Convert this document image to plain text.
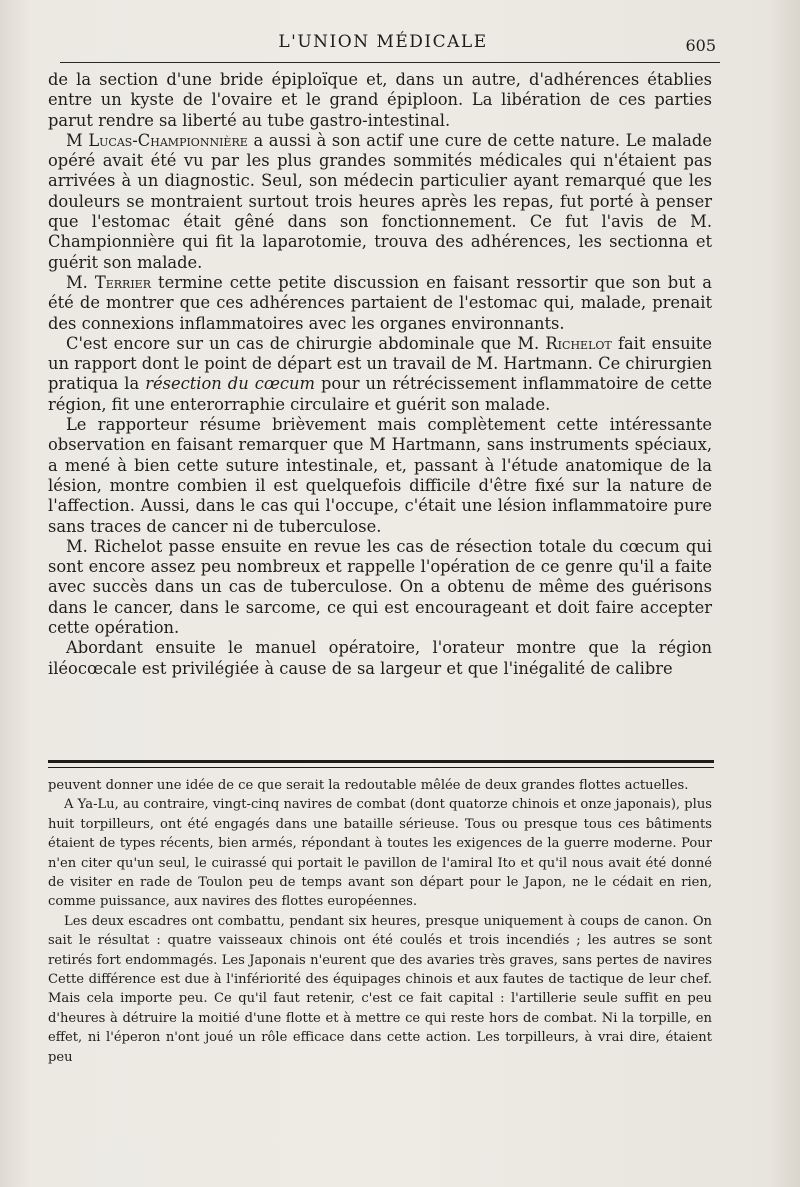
L'UNION MÉDICALE	605

de la section d'une bride épiploïque et, dans un autre, d'adhérences établies entre un kyste de l'ovaire et le grand épiploon. La libération de ces parties parut rendre sa liberté au tube gastro-intestinal.

M Lucas-Championnière a aussi à son actif une cure de cette nature. Le malade opéré avait été vu par les plus grandes sommités médicales qui n'étaient pas arrivées à un diagnostic. Seul, son médecin particulier ayant remarqué que les douleurs se montraient surtout trois heures après les repas, fut porté à penser que l'estomac était gêné dans son fonctionnement. Ce fut l'avis de M. Championnière qui fit la laparotomie, trouva des adhérences, les sectionna et guérit son malade.

M. Terrier termine cette petite discussion en faisant ressortir que son but a été de montrer que ces adhérences partaient de l'estomac qui, malade, prenait des connexions inflammatoires avec les organes environnants.

C'est encore sur un cas de chirurgie abdominale que M. Richelot fait ensuite un rapport dont le point de départ est un travail de M. Hartmann. Ce chirurgien pratiqua la résection du cœcum pour un rétrécissement inflammatoire de cette région, fit une enterorraphie circulaire et guérit son malade.

Le rapporteur résume brièvement mais complètement cette intéressante observation en faisant remarquer que M Hartmann, sans instruments spéciaux, a mené à bien cette suture intestinale, et, passant à l'étude anatomique de la lésion, montre combien il est quelquefois difficile d'être fixé sur la nature de l'affection. Aussi, dans le cas qui l'occupe, c'était une lésion inflammatoire pure sans traces de cancer ni de tuberculose.

M. Richelot passe ensuite en revue les cas de résection totale du cœcum qui sont encore assez peu nombreux et rappelle l'opération de ce genre qu'il a faite avec succès dans un cas de tuberculose. On a obtenu de même des guérisons dans le cancer, dans le sarcome, ce qui est encourageant et doit faire accepter cette opération.

Abordant ensuite le manuel opératoire, l'orateur montre que la région iléocœcale est privilégiée à cause de sa largeur et que l'inégalité de calibre

peuvent donner une idée de ce que serait la redoutable mêlée de deux grandes flottes actuelles.

A Ya-Lu, au contraire, vingt-cinq navires de combat (dont quatorze chinois et onze japonais), plus huit torpilleurs, ont été engagés dans une bataille sérieuse. Tous ou presque tous ces bâtiments étaient de types récents, bien armés, répondant à toutes les exigences de la guerre moderne. Pour n'en citer qu'un seul, le cuirassé qui portait le pavillon de l'amiral Ito et qu'il nous avait été donné de visiter en rade de Toulon peu de temps avant son départ pour le Japon, ne le cédait en rien, comme puissance, aux navires des flottes européennes.

Les deux escadres ont combattu, pendant six heures, presque uniquement à coups de canon. On sait le résultat : quatre vaisseaux chinois ont été coulés et trois incendiés ; les autres se sont retirés fort endommagés. Les Japonais n'eurent que des avaries très graves, sans pertes de navires Cette différence est due à l'infériorité des équipages chinois et aux fautes de tactique de leur chef. Mais cela importe peu. Ce qu'il faut retenir, c'est ce fait capital : l'artillerie seule suffit en peu d'heures à détruire la moitié d'une flotte et à mettre ce qui reste hors de combat. Ni la torpille, en effet, ni l'éperon n'ont joué un rôle efficace dans cette action. Les torpilleurs, à vrai dire, étaient peu
